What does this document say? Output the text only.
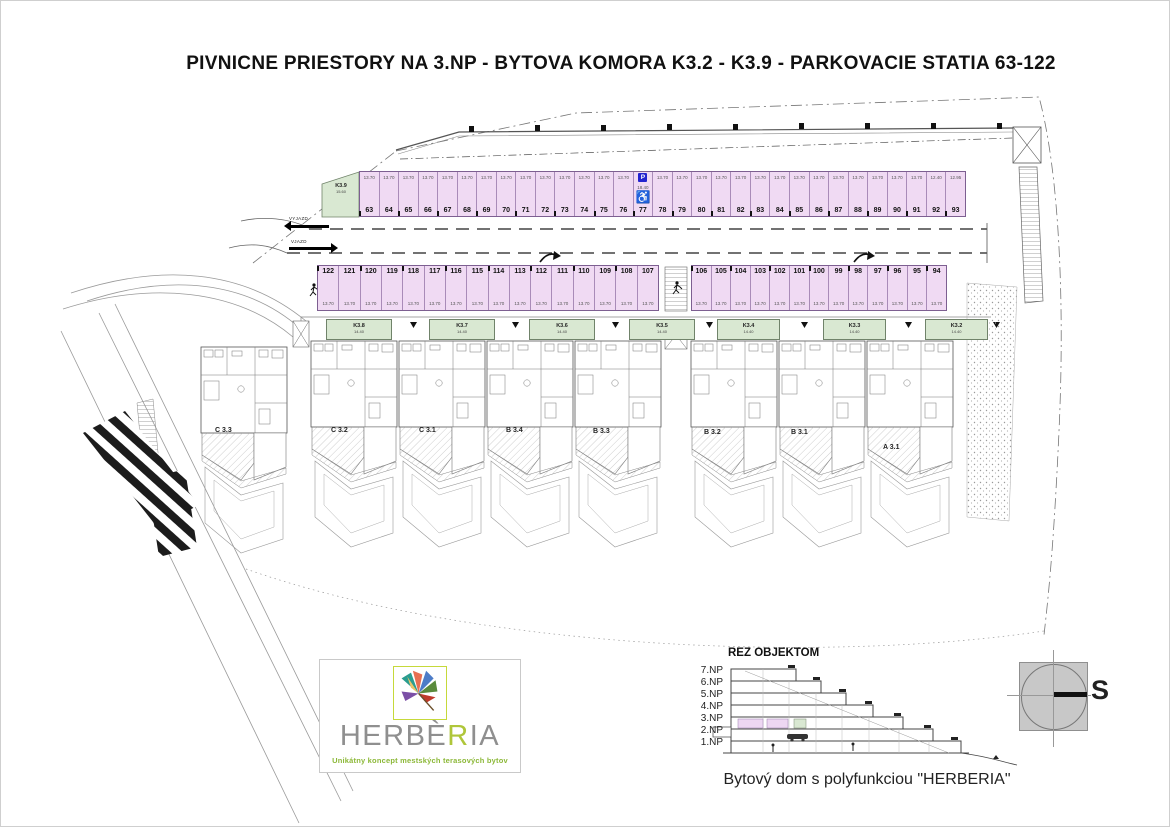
PIVNICNE PRIESTORY NA 3.NP - BYTOVA KOMORA K3.2 - K3.9 - PARKOVACIE STATIA 63-122
13.70
63
13.70
64
13.70
65
13.70
66
13.70
67
13.70
68
13.70
69
13.70
70
13.70
71
13.70
72
13.70
73
13.70
74
13.70
75
13.70
76
P
18.40
♿
77
13.70
78
13.70
79
13.70
80
13.70
81
13.70
82
13.70
83
13.70
84
13.70
85
13.70
86
13.70
87
13.70
88
13.70
89
13.70
90
13.70
91
12.40
92
12.95
93
122
13.70
121
13.70
120
13.70
119
13.70
118
13.70
117
13.70
116
13.70
115
13.70
114
13.70
113
13.70
112
13.70
111
13.70
110
13.70
109
13.70
108
13.70
107
13.70
106
13.70
105
13.70
104
13.70
103
13.70
102
13.70
101
13.70
100
13.70
99
13.70
98
13.70
97
13.70
96
13.70
95
13.70
94
13.70
VYJAZD
VJAZD
K3.9
15.60
K3.8
14.40
K3.7
14.40
K3.6
14.40
K3.5
14.40
K3.4
14.40
K3.3
14.40
K3.2
14.40
C 3.3	C 3.2	C 3.1	B 3.4	B 3.3	B 3.2	B 3.1
A 3.1
HERBÈRIA
Unikátny koncept mestských terasových bytov
REZ OBJEKTOM
7.NP
6.NP
5.NP
4.NP
3.NP
2.NP
1.NP
Bytový dom s polyfunkciou "HERBERIA"
S
